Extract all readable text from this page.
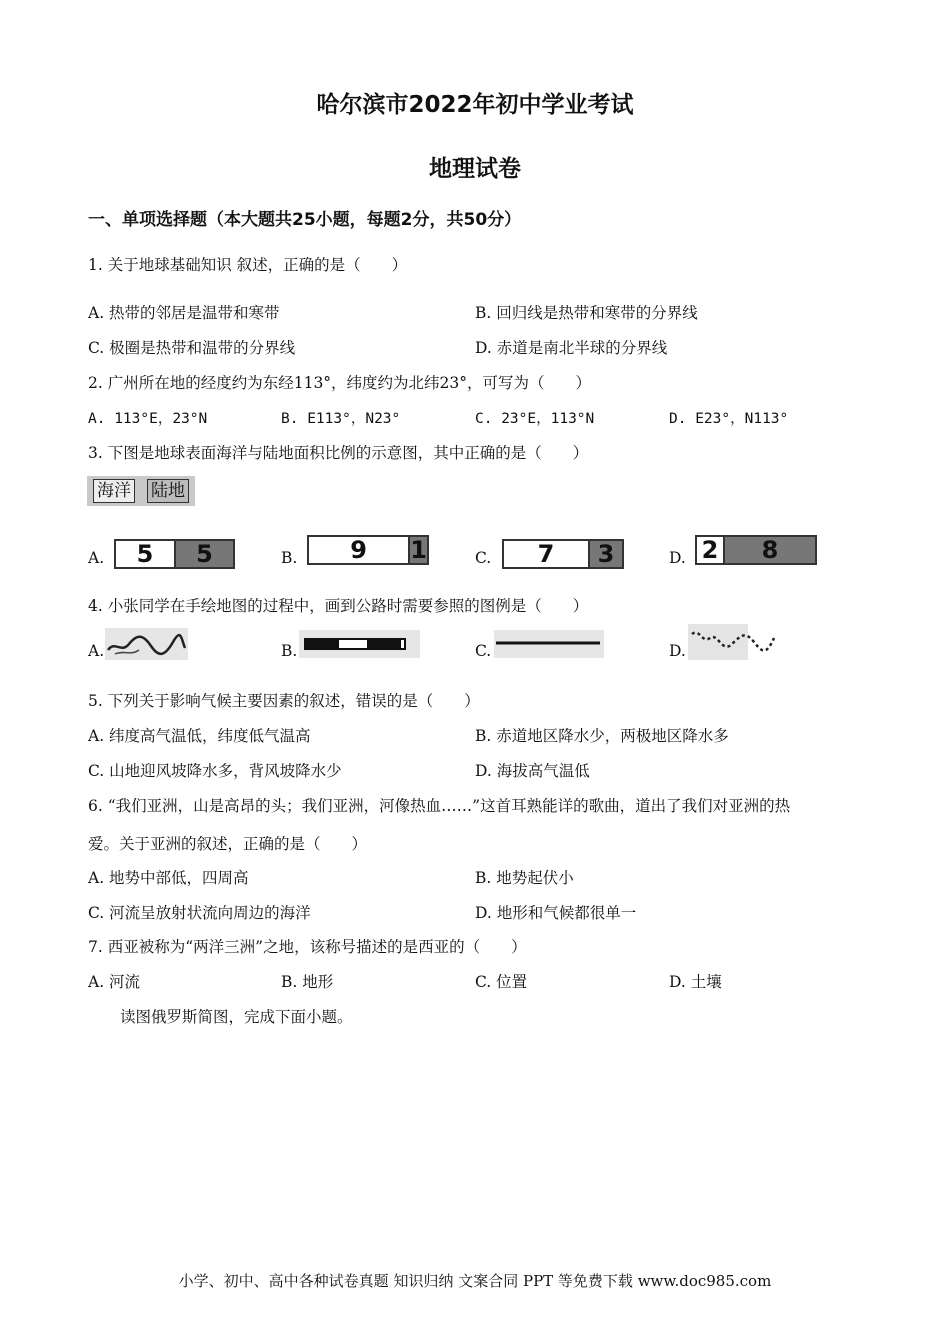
哈尔滨市2022年初中学业考试
地理试卷
一、单项选择题（本大题共25小题，每题2分，共50分）
1. 关于地球基础知识 叙述，正确的是（　　）
A. 热带的邻居是温带和寒带	B. 回归线是热带和寒带的分界线
C. 极圈是热带和温带的分界线	D. 赤道是南北半球的分界线
2. 广州所在地的经度约为东经113°，纬度约为北纬23°，可写为（　　）
A. 113°E，23°N	B. E113°，N23°	C. 23°E，113°N	D. E23°，N113°
3. 下图是地球表面海洋与陆地面积比例的示意图，其中正确的是（　　）
海洋 陆地
A.	5	5	B.	9	1	C.	7	3	D. 2	8
4. 小张同学在手绘地图的过程中，画到公路时需要参照的图例是（　　）
A.	B.	C.	D.
5. 下列关于影响气候主要因素的叙述，错误的是（　　）
A. 纬度高气温低，纬度低气温高	B. 赤道地区降水少，两极地区降水多
C. 山地迎风坡降水多，背风坡降水少	D. 海拔高气温低
6. “我们亚洲，山是高昂的头；我们亚洲，河像热血……”这首耳熟能详的歌曲，道出了我们对亚洲的热
爱。关于亚洲的叙述，正确的是（　　）
A. 地势中部低，四周高	B. 地势起伏小
C. 河流呈放射状流向周边的海洋	D. 地形和气候都很单一
7. 西亚被称为“两洋三洲”之地，该称号描述的是西亚的（　　）
A. 河流	B. 地形	C. 位置	D. 土壤
读图俄罗斯简图，完成下面小题。
小学、初中、高中各种试卷真题 知识归纳 文案合同 PPT 等免费下载 www.doc985.com
